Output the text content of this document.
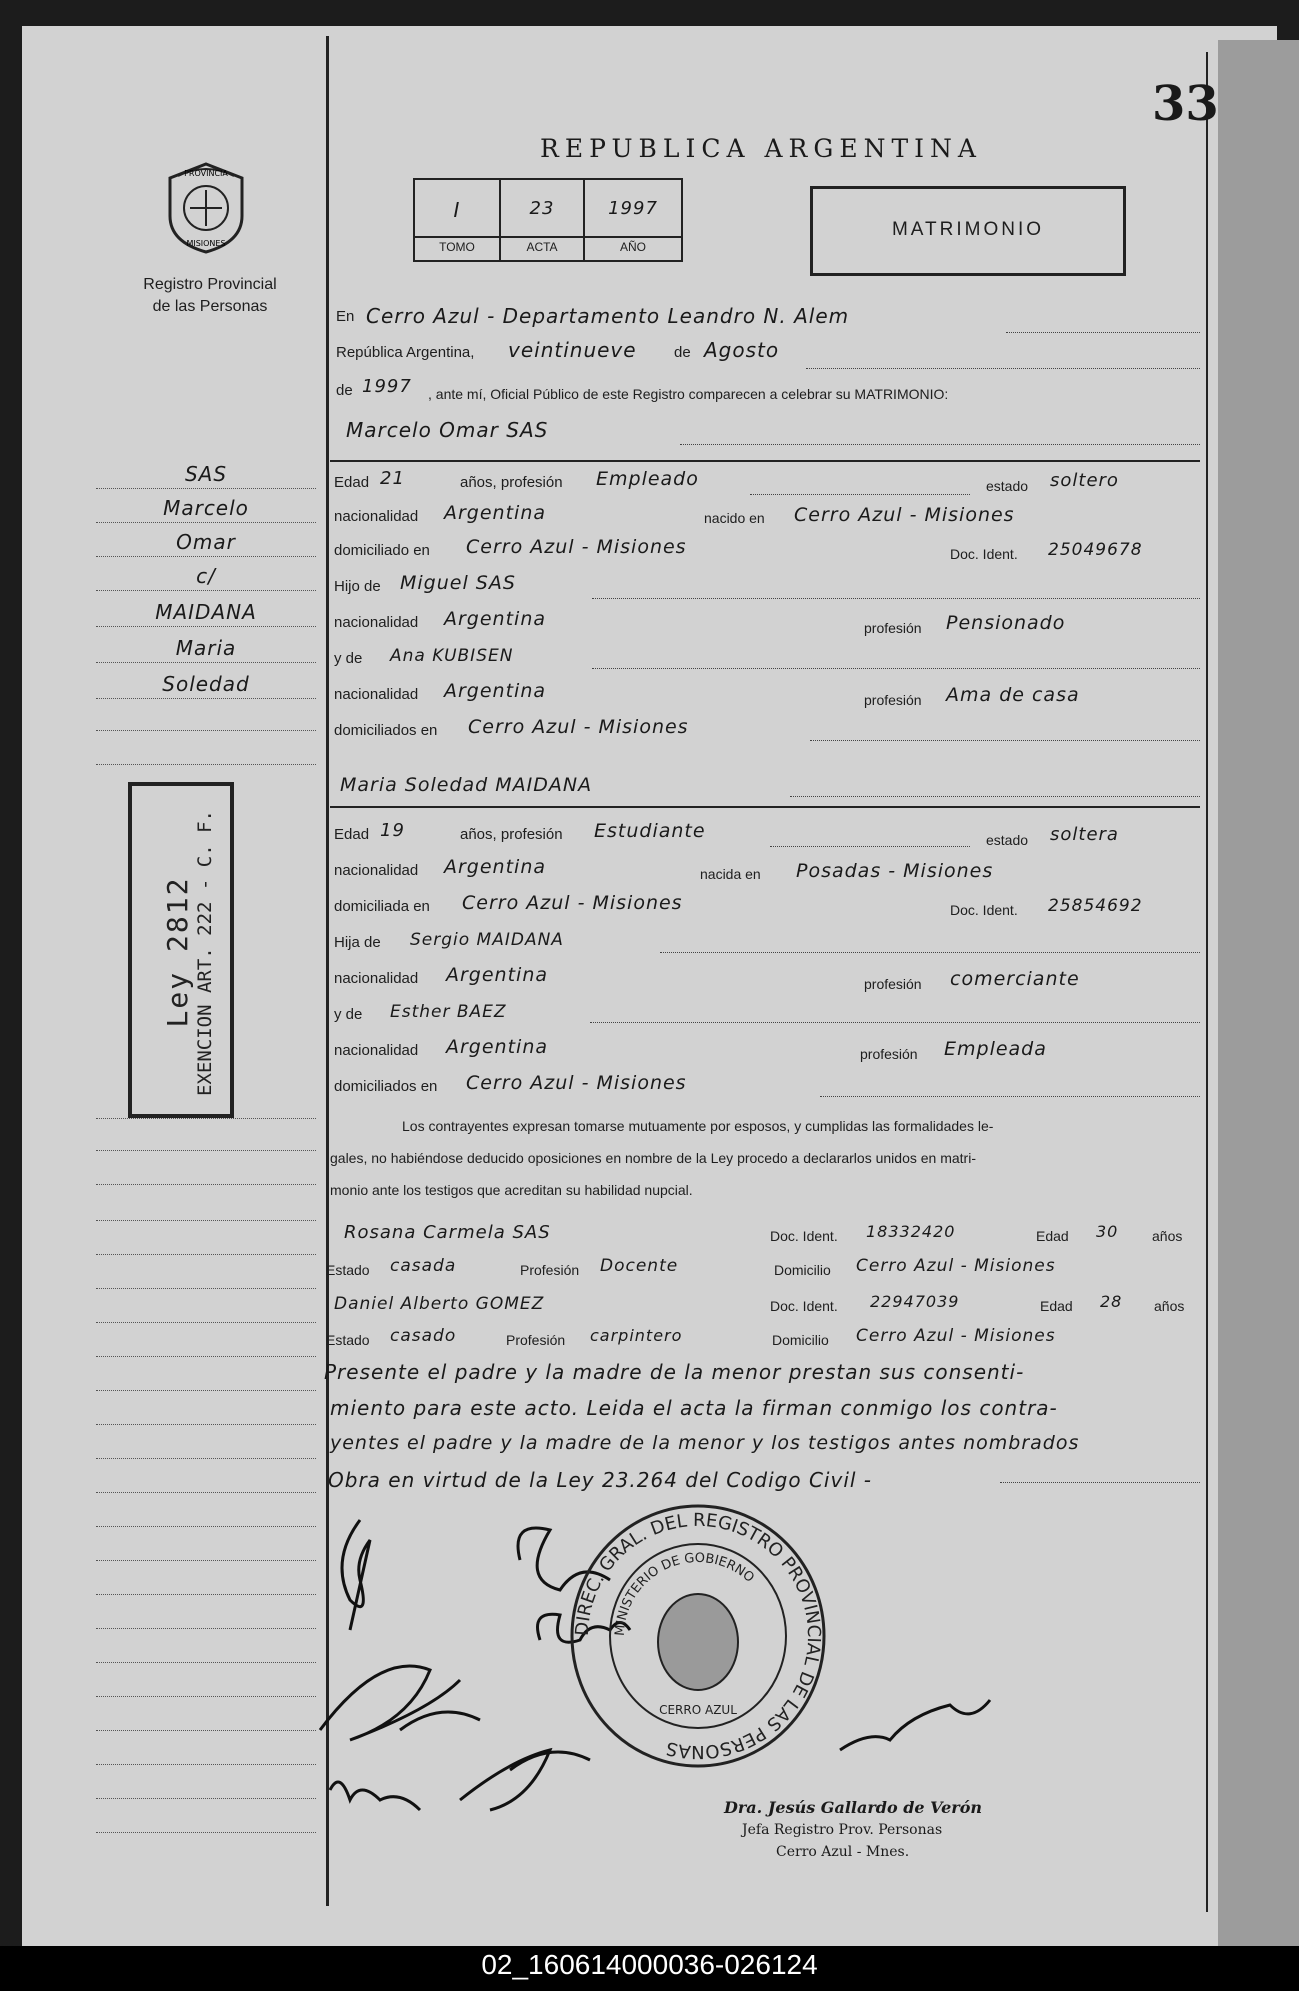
33
PROVINCIA
MISIONES
Registro Provincial
de las Personas
REPUBLICA ARGENTINA
I	23	1997
TOMO	ACTA	AÑO
MATRIMONIO
SAS
Marcelo
Omar
c/
MAIDANA
Maria
Soledad
Ley 2812 EXENCION ART. 222 - C. F.
En Cerro Azul - Departamento Leandro N. Alem
República Argentina, veintinueve de Agosto
de 1997 , ante mí, Oficial Público de este Registro comparecen a celebrar su MATRIMONIO:
Marcelo Omar SAS
Edad 21	años, profesión Empleado	estado soltero
nacionalidad Argentina	nacido en Cerro Azul - Misiones
domiciliado en Cerro Azul - Misiones	Doc. Ident. 25049678
Hijo de Miguel SAS
nacionalidad Argentina	profesión Pensionado
y de Ana KUBISEN
nacionalidad Argentina	profesión Ama de casa
domiciliados en Cerro Azul - Misiones
Maria Soledad MAIDANA
Edad 19	años, profesión Estudiante	estado soltera
nacionalidad Argentina	nacida en Posadas - Misiones
domiciliada en Cerro Azul - Misiones	Doc. Ident. 25854692
Hija de Sergio MAIDANA
nacionalidad Argentina	profesión comerciante
y de Esther BAEZ
nacionalidad Argentina	profesión Empleada
domiciliados en Cerro Azul - Misiones
Los contrayentes expresan tomarse mutuamente por esposos, y cumplidas las formalidades le-
gales, no habiéndose deducido oposiciones en nombre de la Ley procedo a declararlos unidos en matri-
monio ante los testigos que acreditan su habilidad nupcial.
Rosana Carmela SAS	Doc. Ident. 18332420	Edad 30 años
Estado casada	Profesión Docente	Domicilio Cerro Azul - Misiones
Daniel Alberto GOMEZ	Doc. Ident. 22947039	Edad 28 años
Estado casado	Profesión carpintero	Domicilio Cerro Azul - Misiones
Presente el padre y la madre de la menor prestan sus consenti-
miento para este acto. Leida el acta la firman conmigo los contra-
yentes el padre y la madre de la menor y los testigos antes nombrados
Obra en virtud de la Ley 23.264 del Codigo Civil -
DIREC. GRAL. DEL REGISTRO PROVINCIAL DE LAS PERSONAS
MINISTERIO DE GOBIERNO
CERRO AZUL
Dra. Jesús Gallardo de Verón
Jefa Registro Prov. Personas
Cerro Azul - Mnes.
02_160614000036-026124
